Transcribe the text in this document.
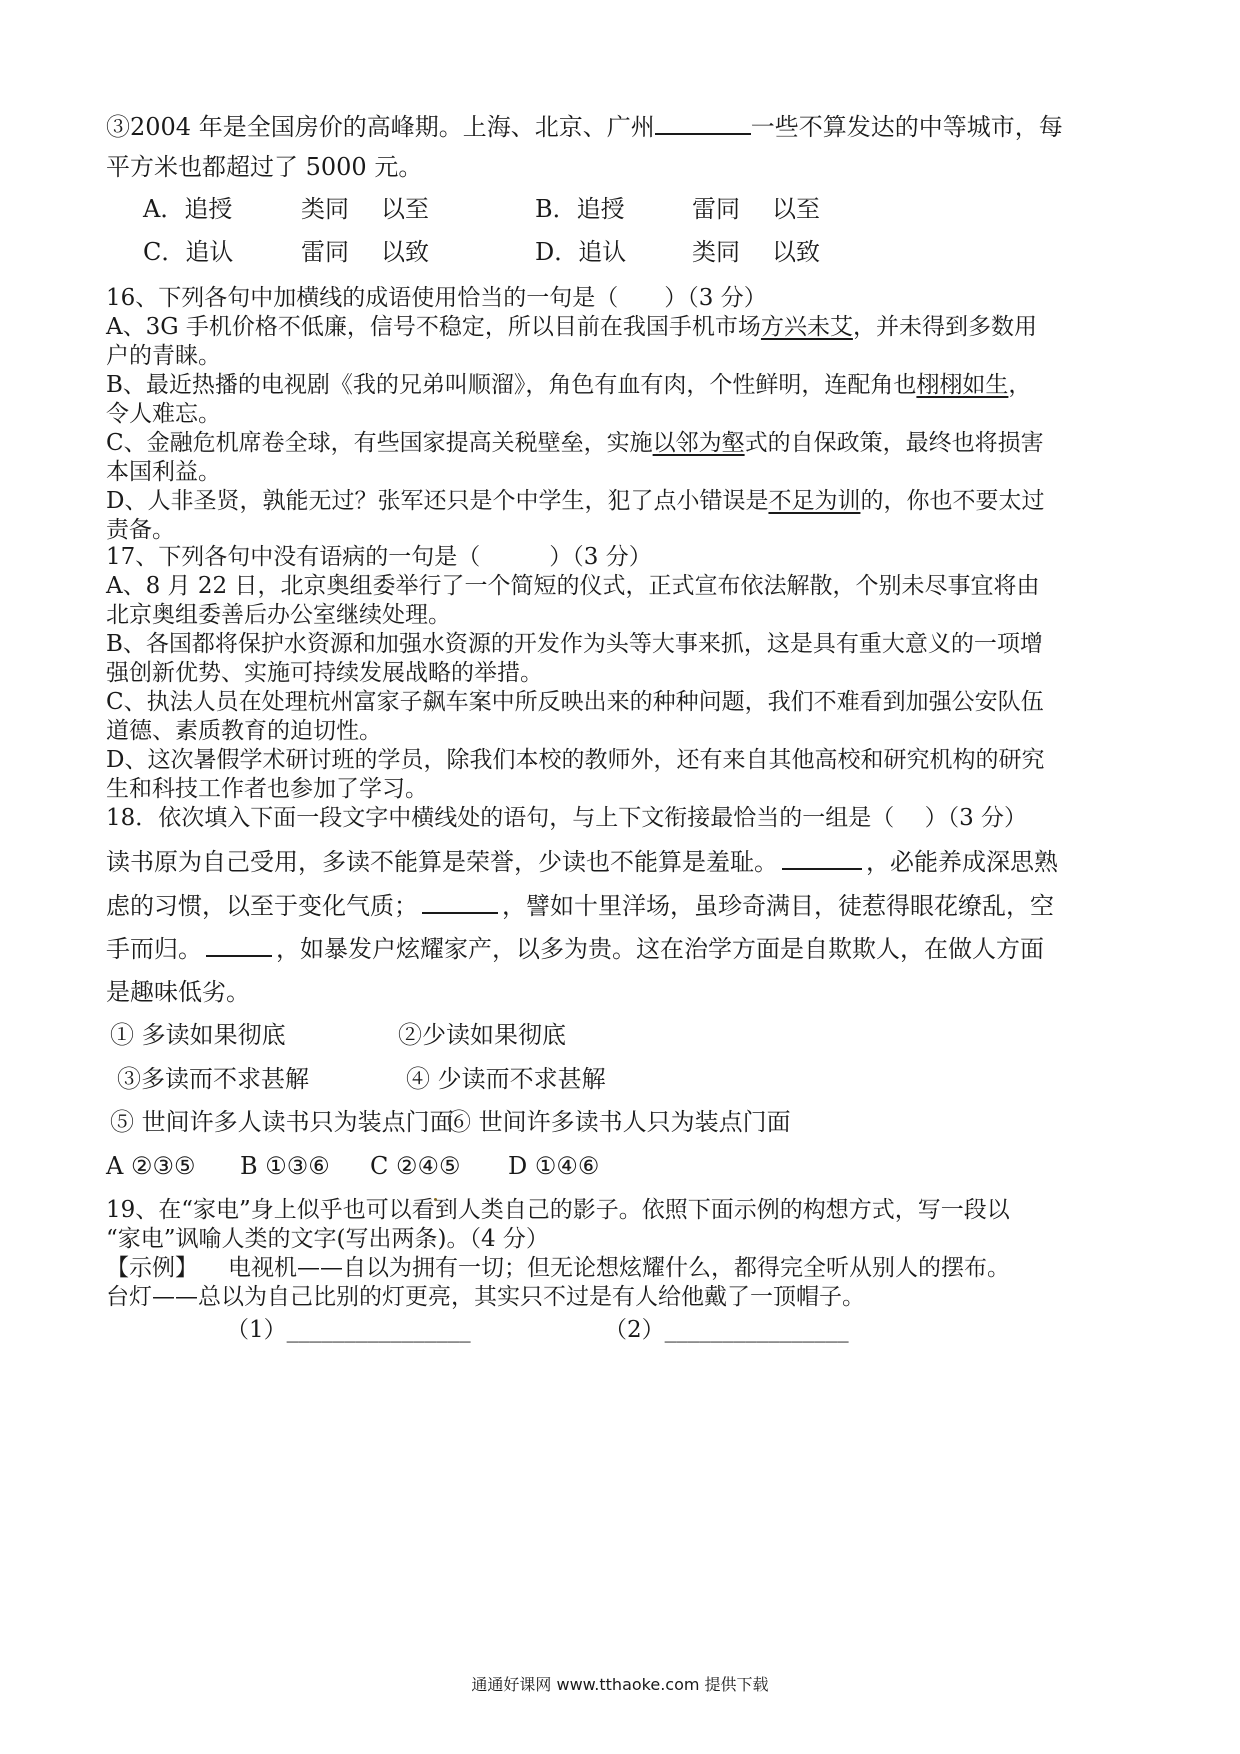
③2004 年是全国房价的高峰期。上海、北京、广州	一些不算发达的中等城市，每
平方米也都超过了 5000 元。
A．追授	类同 以至	B．追授	雷同 以至
C．追认	雷同 以致	D．追认	类同 以致
16、下列各句中加横线的成语使用恰当的一句是（　　）（3 分）
A、3G 手机价格不低廉，信号不稳定，所以目前在我国手机市场方兴未艾，并未得到多数用
户的青睐。
B、最近热播的电视剧《我的兄弟叫顺溜》，角色有血有肉，个性鲜明，连配角也栩栩如生，
令人难忘。
C、金融危机席卷全球，有些国家提高关税壁垒，实施以邻为壑式的自保政策，最终也将损害
本国利益。
D、人非圣贤，孰能无过？张军还只是个中学生，犯了点小错误是不足为训的，你也不要太过
责备。
17、下列各句中没有语病的一句是（　　　）（3 分）
A、8 月 22 日，北京奥组委举行了一个简短的仪式，正式宣布依法解散，个别未尽事宜将由
北京奥组委善后办公室继续处理。
B、各国都将保护水资源和加强水资源的开发作为头等大事来抓，这是具有重大意义的一项增
强创新优势、实施可持续发展战略的举措。
C、执法人员在处理杭州富家子飙车案中所反映出来的种种问题，我们不难看到加强公安队伍
道德、素质教育的迫切性。
D、这次暑假学术研讨班的学员，除我们本校的教师外，还有来自其他高校和研究机构的研究
生和科技工作者也参加了学习。
18．依次填入下面一段文字中横线处的语句，与上下文衔接最恰当的一组是（　 ）（3 分）
读书原为自己受用，多读不能算是荣誉，少读也不能算是羞耻。	，必能养成深思熟
虑的习惯，以至于变化气质；	，譬如十里洋场，虽珍奇满目，徒惹得眼花缭乱，空
手而归。	，如暴发户炫耀家产，以多为贵。这在治学方面是自欺欺人，在做人方面
是趣味低劣。
① 多读如果彻底	②少读如果彻底
③多读而不求甚解	④ 少读而不求甚解
⑤ 世间许多人读书只为装点门面
⑥ 世间许多读书人只为装点门面
A ②③⑤ B ①③⑥ C ②④⑤ D ①④⑥
19、在“家电”身上似乎也可以看到人类自己的影子。依照下面示例的构想方式，写一段以
“家电”讽喻人类的文字(写出两条)。（4 分）
【示例】 电视机——自以为拥有一切；但无论想炫耀什么，都得完全听从别人的摆布。
台灯——总以为自己比别的灯更亮，其实只不过是有人给他戴了一顶帽子。
（1）________________	（2）________________
通通好课网 www.tthaoke.com 提供下载
